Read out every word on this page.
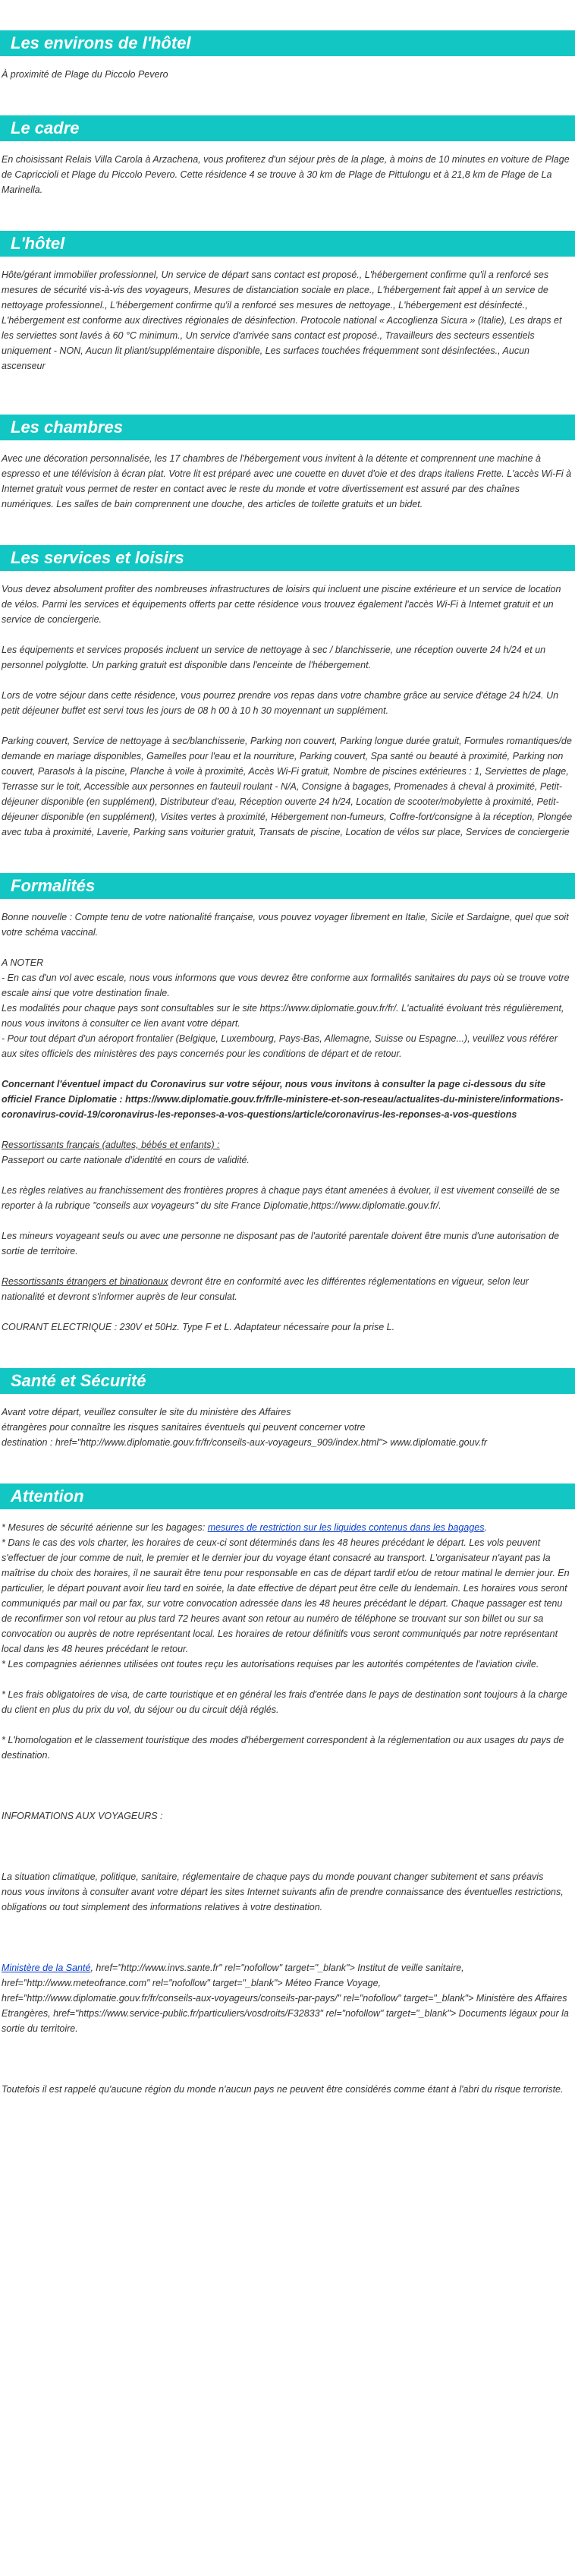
Les environs de l'hôtel

À proximité de Plage du Piccolo Pevero

Le cadre

En choisissant Relais Villa Carola à Arzachena, vous profiterez d'un séjour près de la plage, à moins de 10 minutes en voiture de Plage de Capriccioli et Plage du Piccolo Pevero. Cette résidence 4 se trouve à 30 km de Plage de Pittulongu et à 21,8 km de Plage de La Marinella.

L'hôtel

Hôte/gérant immobilier professionnel, Un service de départ sans contact est proposé., L'hébergement confirme qu'il a renforcé ses mesures de sécurité vis-à-vis des voyageurs, Mesures de distanciation sociale en place., L'hébergement fait appel à un service de nettoyage professionnel., L'hébergement confirme qu'il a renforcé ses mesures de nettoyage., L'hébergement est désinfecté., L'hébergement est conforme aux directives régionales de désinfection. Protocole national « Accoglienza Sicura » (Italie), Les draps et les serviettes sont lavés à 60 °C minimum., Un service d'arrivée sans contact est proposé., Travailleurs des secteurs essentiels uniquement - NON, Aucun lit pliant/supplémentaire disponible, Les surfaces touchées fréquemment sont désinfectées., Aucun ascenseur

Les chambres

Avec une décoration personnalisée, les 17 chambres de l'hébergement vous invitent à la détente et comprennent une machine à espresso et une télévision à écran plat. Votre lit est préparé avec une couette en duvet d'oie et des draps italiens Frette. L'accès Wi-Fi à Internet gratuit vous permet de rester en contact avec le reste du monde et votre divertissement est assuré par des chaînes numériques. Les salles de bain comprennent une douche, des articles de toilette gratuits et un bidet.

Les services et loisirs

Vous devez absolument profiter des nombreuses infrastructures de loisirs qui incluent une piscine extérieure et un service de location de vélos. Parmi les services et équipements offerts par cette résidence vous trouvez également l'accès Wi-Fi à Internet gratuit et un service de conciergerie.

Les équipements et services proposés incluent un service de nettoyage à sec / blanchisserie, une réception ouverte 24 h/24 et un personnel polyglotte. Un parking gratuit est disponible dans l'enceinte de l'hébergement.

Lors de votre séjour dans cette résidence, vous pourrez prendre vos repas dans votre chambre grâce au service d'étage 24 h/24. Un petit déjeuner buffet est servi tous les jours de 08 h 00 à 10 h 30 moyennant un supplément.

Parking couvert, Service de nettoyage à sec/blanchisserie, Parking non couvert, Parking longue durée gratuit, Formules romantiques/de demande en mariage disponibles, Gamelles pour l'eau et la nourriture, Parking couvert, Spa santé ou beauté à proximité, Parking non couvert, Parasols à la piscine, Planche à voile à proximité, Accès Wi-Fi gratuit, Nombre de piscines extérieures : 1, Serviettes de plage, Terrasse sur le toit, Accessible aux personnes en fauteuil roulant - N/A, Consigne à bagages, Promenades à cheval à proximité, Petit-déjeuner disponible (en supplément), Distributeur d'eau, Réception ouverte 24 h/24, Location de scooter/mobylette à proximité, Petit-déjeuner disponible (en supplément), Visites vertes à proximité, Hébergement non-fumeurs, Coffre-fort/consigne à la réception, Plongée avec tuba à proximité, Laverie, Parking sans voiturier gratuit, Transats de piscine, Location de vélos sur place, Services de conciergerie

Formalités

Bonne nouvelle : Compte tenu de votre nationalité française, vous pouvez voyager librement en Italie, Sicile et Sardaigne, quel que soit votre schéma vaccinal.

A NOTER

- En cas d'un vol avec escale, nous vous informons que vous devrez être conforme aux formalités sanitaires du pays où se trouve votre escale ainsi que votre destination finale.

Les modalités pour chaque pays sont consultables sur le site https://www.diplomatie.gouv.fr/fr/. L'actualité évoluant très régulièrement, nous vous invitons à consulter ce lien avant votre départ.

- Pour tout départ d'un aéroport frontalier (Belgique, Luxembourg, Pays-Bas, Allemagne, Suisse ou Espagne...), veuillez vous référer aux sites officiels des ministères des pays concernés pour les conditions de départ et de retour.

Concernant l'éventuel impact du Coronavirus sur votre séjour, nous vous invitons à consulter la page ci-dessous du site officiel France Diplomatie : https://www.diplomatie.gouv.fr/fr/le-ministere-et-son-reseau/actualites-du-ministere/informations-coronavirus-covid-19/coronavirus-les-reponses-a-vos-questions/article/coronavirus-les-reponses-a-vos-questions

Ressortissants français (adultes, bébés et enfants) :

Passeport ou carte nationale d'identité en cours de validité.

Les règles relatives au franchissement des frontières propres à chaque pays étant amenées à évoluer, il est vivement conseillé de se reporter à la rubrique "conseils aux voyageurs" du site France Diplomatie,https://www.diplomatie.gouv.fr/.

Les mineurs voyageant seuls ou avec une personne ne disposant pas de l'autorité parentale doivent être munis d'une autorisation de sortie de territoire.

Ressortissants étrangers et binationaux devront être en conformité avec les différentes réglementations en vigueur, selon leur nationalité et devront s'informer auprès de leur consulat.

COURANT ELECTRIQUE : 230V et 50Hz. Type F et L. Adaptateur nécessaire pour la prise L.

Santé et Sécurité

Avant votre départ, veuillez consulter le site du ministère des Affaires

étrangères pour connaître les risques sanitaires éventuels qui peuvent concerner votre

destination : href="http://www.diplomatie.gouv.fr/fr/conseils-aux-voyageurs_909/index.html"> www.diplomatie.gouv.fr

Attention

* Mesures de sécurité aérienne sur les bagages: mesures de restriction sur les liquides contenus dans les bagages.

* Dans le cas des vols charter, les horaires de ceux-ci sont déterminés dans les 48 heures précédant le départ. Les vols peuvent s'effectuer de jour comme de nuit, le premier et le dernier jour du voyage étant consacré au transport. L'organisateur n'ayant pas la maîtrise du choix des horaires, il ne saurait être tenu pour responsable en cas de départ tardif et/ou de retour matinal le dernier jour. En particulier, le départ pouvant avoir lieu tard en soirée, la date effective de départ peut être celle du lendemain. Les horaires vous seront communiqués par mail ou par fax, sur votre convocation adressée dans les 48 heures précédant le départ. Chaque passager est tenu de reconfirmer son vol retour au plus tard 72 heures avant son retour au numéro de téléphone se trouvant sur son billet ou sur sa convocation ou auprès de notre représentant local. Les horaires de retour définitifs vous seront communiqués par notre représentant local dans les 48 heures précédant le retour.

* Les compagnies aériennes utilisées ont toutes reçu les autorisations requises par les autorités compétentes de l'aviation civile.

* Les frais obligatoires de visa, de carte touristique et en général les frais d'entrée dans le pays de destination sont toujours à la charge du client en plus du prix du vol, du séjour ou du circuit déjà réglés.

* L'homologation et le classement touristique des modes d'hébergement correspondent à la réglementation ou aux usages du pays de destination.

INFORMATIONS AUX VOYAGEURS :

La situation climatique, politique, sanitaire, réglementaire de chaque pays du monde pouvant changer subitement et sans préavis

nous vous invitons à consulter avant votre départ les sites Internet suivants afin de prendre connaissance des éventuelles restrictions, obligations ou tout simplement des informations relatives à votre destination.

Ministère de la Santé, href="http://www.invs.sante.fr" rel="nofollow" target="_blank"> Institut de veille sanitaire, href="http://www.meteofrance.com" rel="nofollow" target="_blank"> Méteo France Voyage, href="http://www.diplomatie.gouv.fr/fr/conseils-aux-voyageurs/conseils-par-pays/" rel="nofollow" target="_blank"> Ministère des Affaires Etrangères, href="https://www.service-public.fr/particuliers/vosdroits/F32833" rel="nofollow" target="_blank"> Documents légaux pour la sortie du territoire.

Toutefois il est rappelé qu'aucune région du monde n'aucun pays ne peuvent être considérés comme étant à l'abri du risque terroriste.
